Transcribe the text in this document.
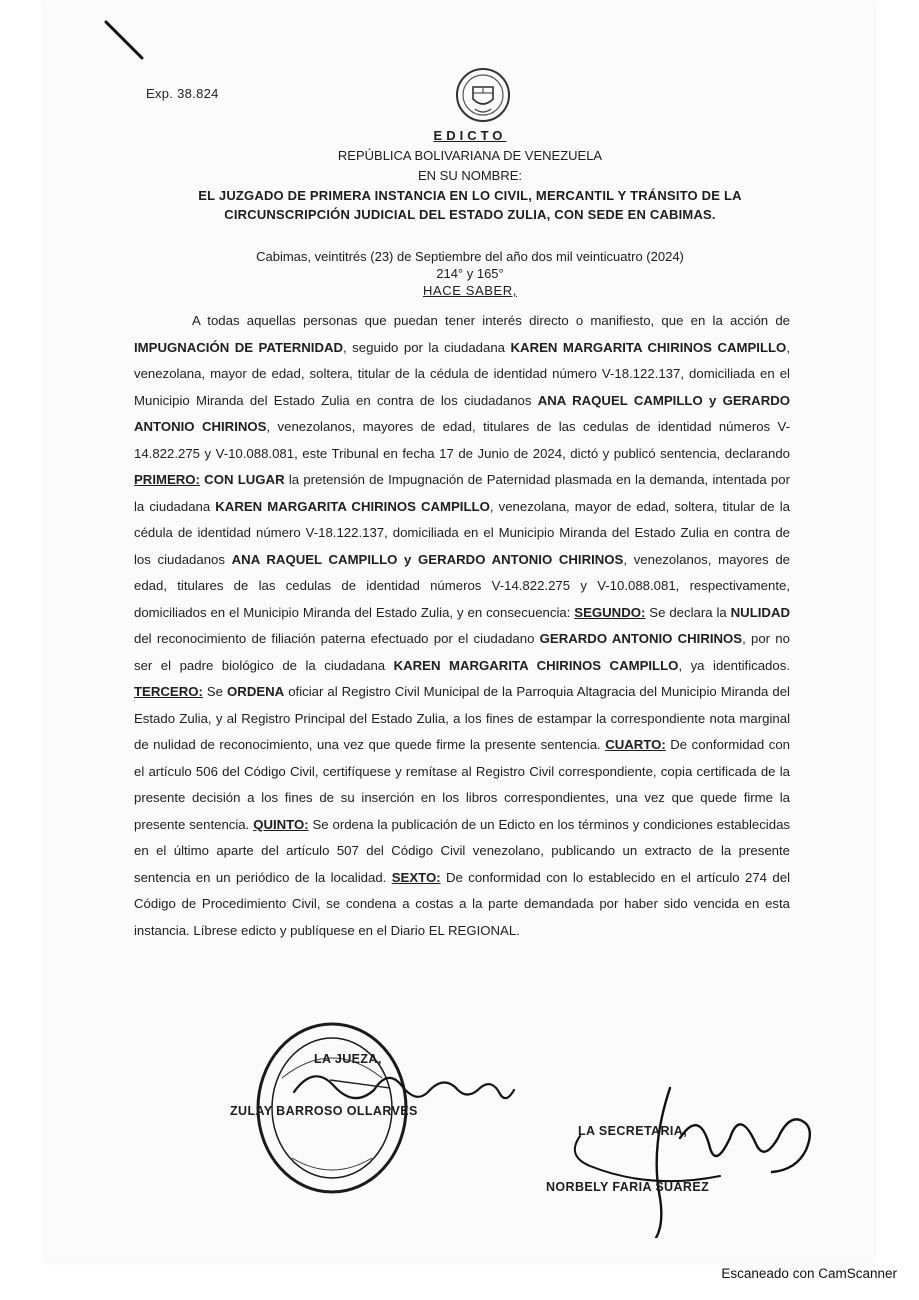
Exp. 38.824
EDICTO
REPÚBLICA BOLIVARIANA DE VENEZUELA
EN SU NOMBRE:
EL JUZGADO DE PRIMERA INSTANCIA EN LO CIVIL, MERCANTIL Y TRÁNSITO DE LA
CIRCUNSCRIPCIÓN JUDICIAL DEL ESTADO ZULIA, CON SEDE EN CABIMAS.
Cabimas, veintitrés (23) de Septiembre del año dos mil veinticuatro (2024)
214° y 165°
HACE SABER,
A todas aquellas personas que puedan tener interés directo o manifiesto, que en la acción de IMPUGNACIÓN DE PATERNIDAD, seguido por la ciudadana KAREN MARGARITA CHIRINOS CAMPILLO, venezolana, mayor de edad, soltera, titular de la cédula de identidad número V-18.122.137, domiciliada en el Municipio Miranda del Estado Zulia en contra de los ciudadanos ANA RAQUEL CAMPILLO y GERARDO ANTONIO CHIRINOS, venezolanos, mayores de edad, titulares de las cedulas de identidad números V-14.822.275 y V-10.088.081, este Tribunal en fecha 17 de Junio de 2024, dictó y publicó sentencia, declarando PRIMERO: CON LUGAR la pretensión de Impugnación de Paternidad plasmada en la demanda, intentada por la ciudadana KAREN MARGARITA CHIRINOS CAMPILLO, venezolana, mayor de edad, soltera, titular de la cédula de identidad número V-18.122.137, domiciliada en el Municipio Miranda del Estado Zulia en contra de los ciudadanos ANA RAQUEL CAMPILLO y GERARDO ANTONIO CHIRINOS, venezolanos, mayores de edad, titulares de las cedulas de identidad números V-14.822.275 y V-10.088.081, respectivamente, domiciliados en el Municipio Miranda del Estado Zulia, y en consecuencia: SEGUNDO: Se declara la NULIDAD del reconocimiento de filiación paterna efectuado por el ciudadano GERARDO ANTONIO CHIRINOS, por no ser el padre biológico de la ciudadana KAREN MARGARITA CHIRINOS CAMPILLO, ya identificados. TERCERO: Se ORDENA oficiar al Registro Civil Municipal de la Parroquia Altagracia del Municipio Miranda del Estado Zulia, y al Registro Principal del Estado Zulia, a los fines de estampar la correspondiente nota marginal de nulidad de reconocimiento, una vez que quede firme la presente sentencia. CUARTO: De conformidad con el artículo 506 del Código Civil, certifíquese y remítase al Registro Civil correspondiente, copia certificada de la presente decisión a los fines de su inserción en los libros correspondientes, una vez que quede firme la presente sentencia. QUINTO: Se ordena la publicación de un Edicto en los términos y condiciones establecidas en el último aparte del artículo 507 del Código Civil venezolano, publicando un extracto de la presente sentencia en un periódico de la localidad. SEXTO: De conformidad con lo establecido en el artículo 274 del Código de Procedimiento Civil, se condena a costas a la parte demandada por haber sido vencida en esta instancia. Líbrese edicto y publíquese en el Diario EL REGIONAL.
LA JUEZA,
ZULAY BARROSO OLLARVES
LA SECRETARIA,
NORBELY FARIA SUAREZ
Escaneado con CamScanner
